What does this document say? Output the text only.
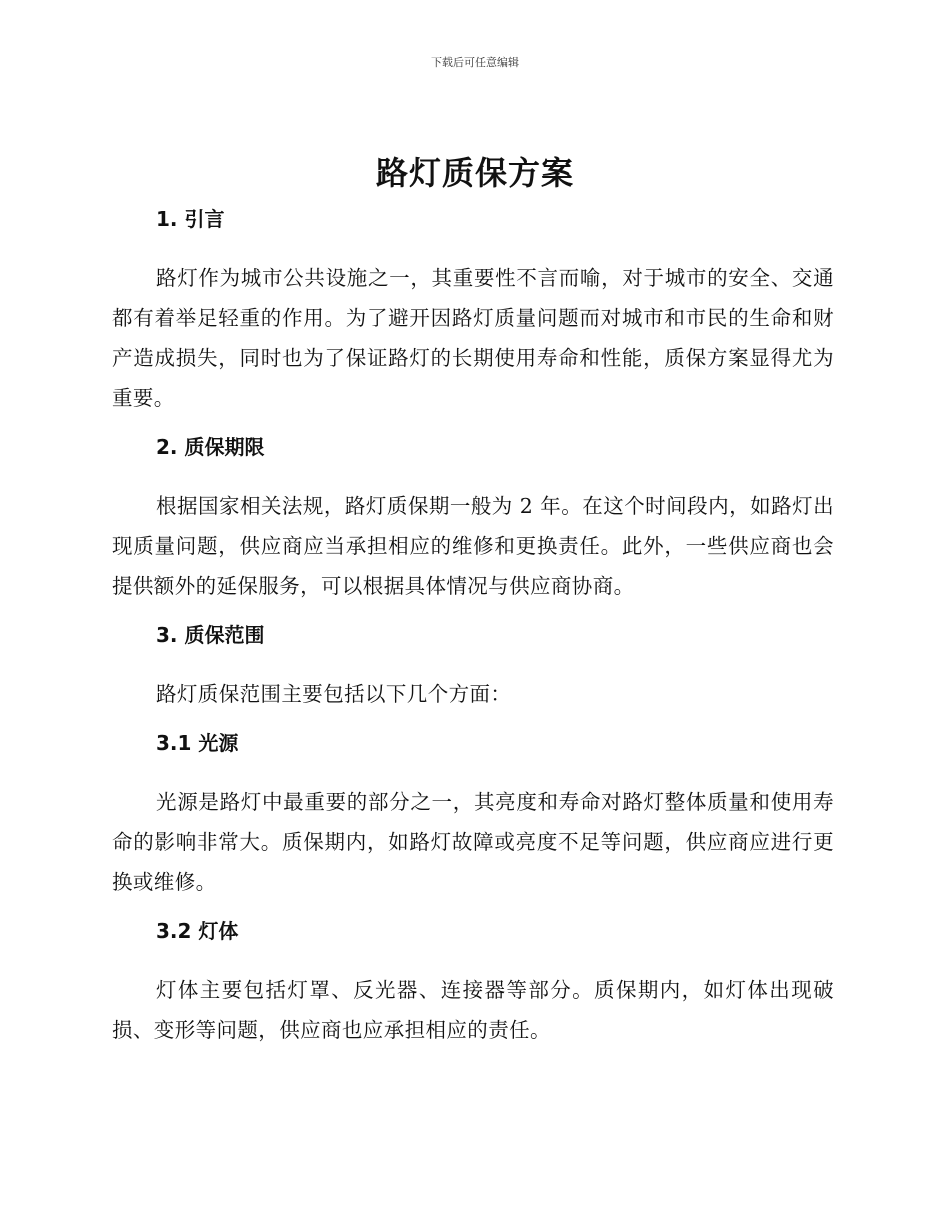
下载后可任意编辑
路灯质保方案
1. 引言

路灯作为城市公共设施之一，其重要性不言而喻，对于城市的安全、交通都有着举足轻重的作用。为了避开因路灯质量问题而对城市和市民的生命和财产造成损失，同时也为了保证路灯的长期使用寿命和性能，质保方案显得尤为重要。

2. 质保期限

根据国家相关法规，路灯质保期一般为 2 年。在这个时间段内，如路灯出现质量问题，供应商应当承担相应的维修和更换责任。此外，一些供应商也会提供额外的延保服务，可以根据具体情况与供应商协商。

3. 质保范围

路灯质保范围主要包括以下几个方面：

3.1 光源

光源是路灯中最重要的部分之一，其亮度和寿命对路灯整体质量和使用寿命的影响非常大。质保期内，如路灯故障或亮度不足等问题，供应商应进行更换或维修。

3.2 灯体

灯体主要包括灯罩、反光器、连接器等部分。质保期内，如灯体出现破损、变形等问题，供应商也应承担相应的责任。
